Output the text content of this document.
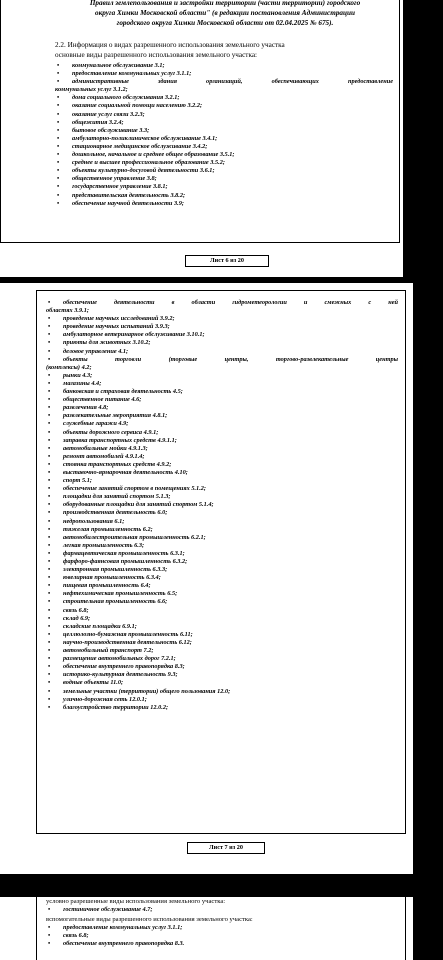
Правил землепользования и застройки территории (части территории) городского
округа Химки Московской области" (в редакции постановления Администрации
городского округа Химки Московской области от 02.04.2025 № 675).
2.2. Информация о видах разрешенного использования земельного участка
основные виды разрешенного использования земельного участка:
• коммунальное обслуживание 3.1;
• предоставление коммунальных услуг 3.1.1;
• административные здания организаций, обеспечивающих предоставление
коммунальных услуг 3.1.2;
• дома социального обслуживания 3.2.1;
• оказание социальной помощи населению 3.2.2;
• оказание услуг связи 3.2.3;
• общежития 3.2.4;
• бытовое обслуживание 3.3;
• амбулаторно-поликлиническое обслуживание 3.4.1;
• стационарное медицинское обслуживание 3.4.2;
• дошкольное, начальное и среднее общее образование 3.5.1;
• среднее и высшее профессиональное образование 3.5.2;
• объекты культурно-досуговой деятельности 3.6.1;
• общественное управление 3.8;
• государственное управление 3.8.1;
• представительская деятельность 3.8.2;
• обеспечение научной деятельности 3.9;
Лист 6 из 20
• обеспечение деятельности в области гидрометеорологии и смежных с ней
областях 3.9.1;
• проведение научных исследований 3.9.2;
• проведение научных испытаний 3.9.3;
• амбулаторное ветеринарное обслуживание 3.10.1;
• приюты для животных 3.10.2;
• деловое управление 4.1;
• объекты торговли (торговые центры, торгово-развлекательные центры
(комплексы) 4.2;
• рынки 4.3;
• магазины 4.4;
• банковская и страховая деятельность 4.5;
• общественное питание 4.6;
• развлечения 4.8;
• развлекательные мероприятия 4.8.1;
• служебные гаражи 4.9;
• объекты дорожного сервиса 4.9.1;
• заправка транспортных средств 4.9.1.1;
• автомобильные мойки 4.9.1.3;
• ремонт автомобилей 4.9.1.4;
• стоянка транспортных средств 4.9.2;
• выставочно-ярмарочная деятельность 4.10;
• спорт 5.1;
• обеспечение занятий спортом в помещениях 5.1.2;
• площадки для занятий спортом 5.1.3;
• оборудованные площадки для занятий спортом 5.1.4;
• производственная деятельность 6.0;
• недропользования 6.1;
• тяжелая промышленность 6.2;
• автомобилестроительная промышленность 6.2.1;
• легкая промышленность 6.3;
• фармацевтическая промышленность 6.3.1;
• фарфоро-фаянсовая промышленность 6.3.2;
• электронная промышленность 6.3.3;
• ювелирная промышленность 6.3.4;
• пищевая промышленность 6.4;
• нефтехимическая промышленность 6.5;
• строительная промышленность 6.6;
• связь 6.8;
• склад 6.9;
• складские площадки 6.9.1;
• целлюлозно-бумажная промышленность 6.11;
• научно-производственная деятельность 6.12;
• автомобильный транспорт 7.2;
• размещение автомобильных дорог 7.2.1;
• обеспечение внутреннего правопорядка 8.3;
• историко-культурная деятельность 9.3;
• водные объекты 11.0;
• земельные участки (территории) общего пользования 12.0;
• улично-дорожная сеть 12.0.1;
• благоустройство территории 12.0.2;
Лист 7 из 20
условно разрешенные виды использования земельного участка:
• гостиничное обслуживание 4.7;
вспомогательные виды разрешенного использования земельного участка:
• предоставление коммунальных услуг 3.1.1;
• связь 6.8;
• обеспечение внутреннего правопорядка 8.3.
